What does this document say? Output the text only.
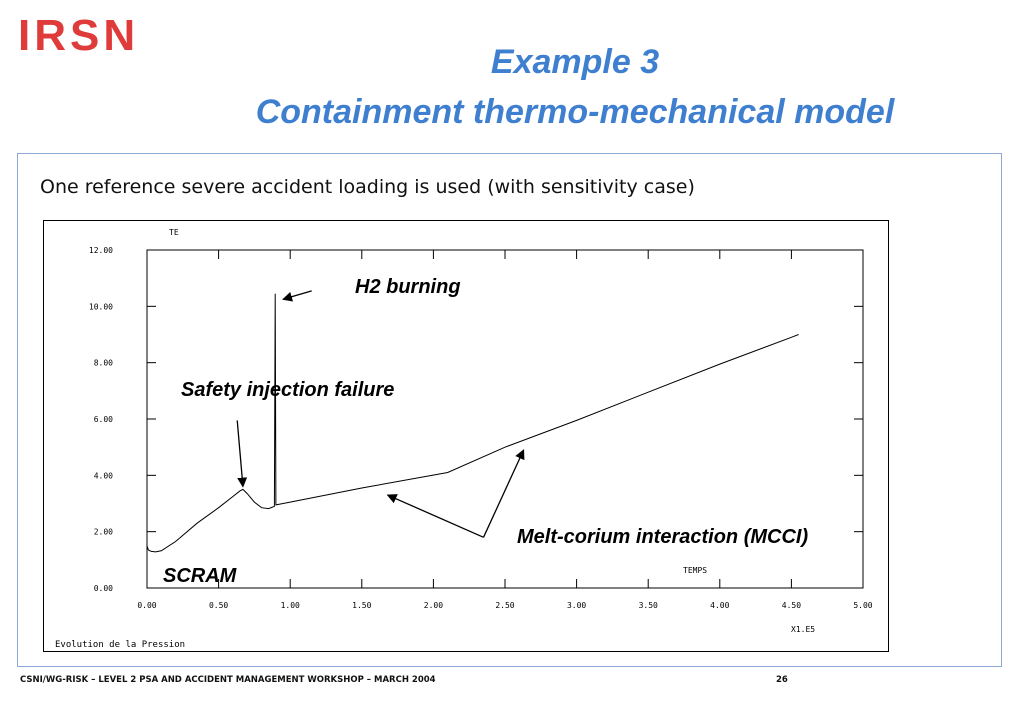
IRSN
Example 3
Containment thermo-mechanical model
One reference severe accident loading is used (with sensitivity case)
0.00
2.00
4.00
6.00
8.00
10.00
12.00
0.00	0.50	1.00	1.50	2.00	2.50	3.00	3.50	4.00	4.50	5.00
TE
TEMPS
X1.E5
Evolution de la Pression
H2 burning
Safety injection failure
Melt-corium interaction (MCCI)
SCRAM
CSNI/WG-RISK – LEVEL 2 PSA AND ACCIDENT MANAGEMENT WORKSHOP – MARCH 2004	26
